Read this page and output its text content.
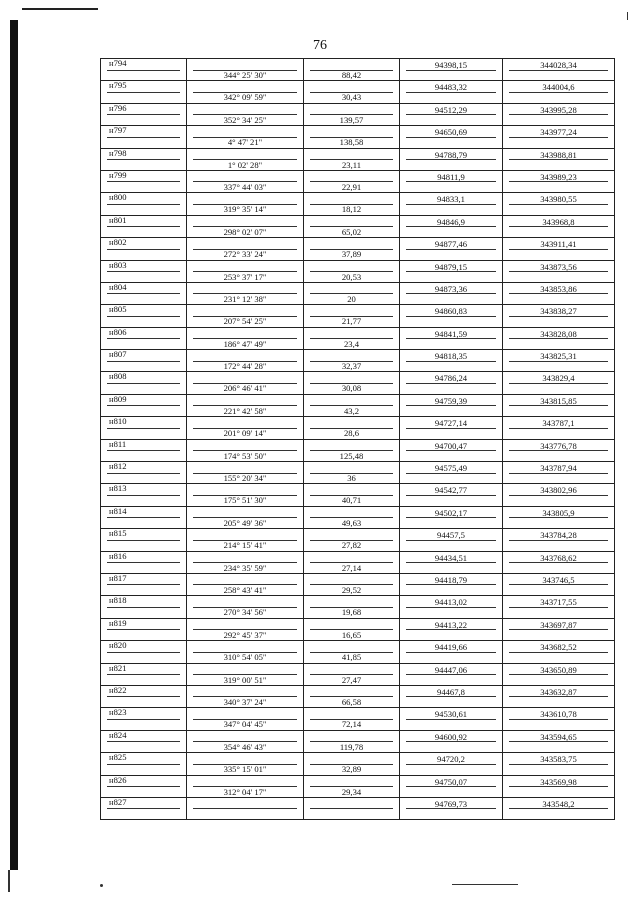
76
н794	344° 25' 30"	88,42	94398,15	344028,34

н795	342° 09' 59"	30,43	94483,32	344004,6

н796	352° 34' 25"	139,57	94512,29	343995,28

н797	4° 47' 21"	138,58	94650,69	343977,24

н798	1° 02' 28"	23,11	94788,79	343988,81

н799	337° 44' 03"	22,91	94811,9	343989,23

н800	319° 35' 14"	18,12	94833,1	343980,55

н801	298° 02' 07"	65,02	94846,9	343968,8

н802	272° 33' 24"	37,89	94877,46	343911,41

н803	253° 37' 17"	20,53	94879,15	343873,56

н804	231° 12' 38"	20	94873,36	343853,86

н805	207° 54' 25"	21,77	94860,83	343838,27

н806	186° 47' 49"	23,4	94841,59	343828,08

н807	172° 44' 28"	32,37	94818,35	343825,31

н808	206° 46' 41"	30,08	94786,24	343829,4

н809	221° 42' 58"	43,2	94759,39	343815,85

н810	201° 09' 14"	28,6	94727,14	343787,1

н811	174° 53' 50"	125,48	94700,47	343776,78

н812	155° 20' 34"	36	94575,49	343787,94

н813	175° 51' 30"	40,71	94542,77	343802,96

н814	205° 49' 36"	49,63	94502,17	343805,9

н815	214° 15' 41"	27,82	94457,5	343784,28

н816	234° 35' 59"	27,14	94434,51	343768,62

н817	258° 43' 41"	29,52	94418,79	343746,5

н818	270° 34' 56"	19,68	94413,02	343717,55

н819	292° 45' 37"	16,65	94413,22	343697,87

н820	310° 54' 05"	41,85	94419,66	343682,52

н821	319° 00' 51"	27,47	94447,06	343650,89

н822	340° 37' 24"	66,58	94467,8	343632,87

н823	347° 04' 45"	72,14	94530,61	343610,78

н824	354° 46' 43"	119,78	94600,92	343594,65

н825	335° 15' 01"	32,89	94720,2	343583,75

н826	312° 04' 17"	29,34	94750,07	343569,98

н827			94769,73	343548,2
